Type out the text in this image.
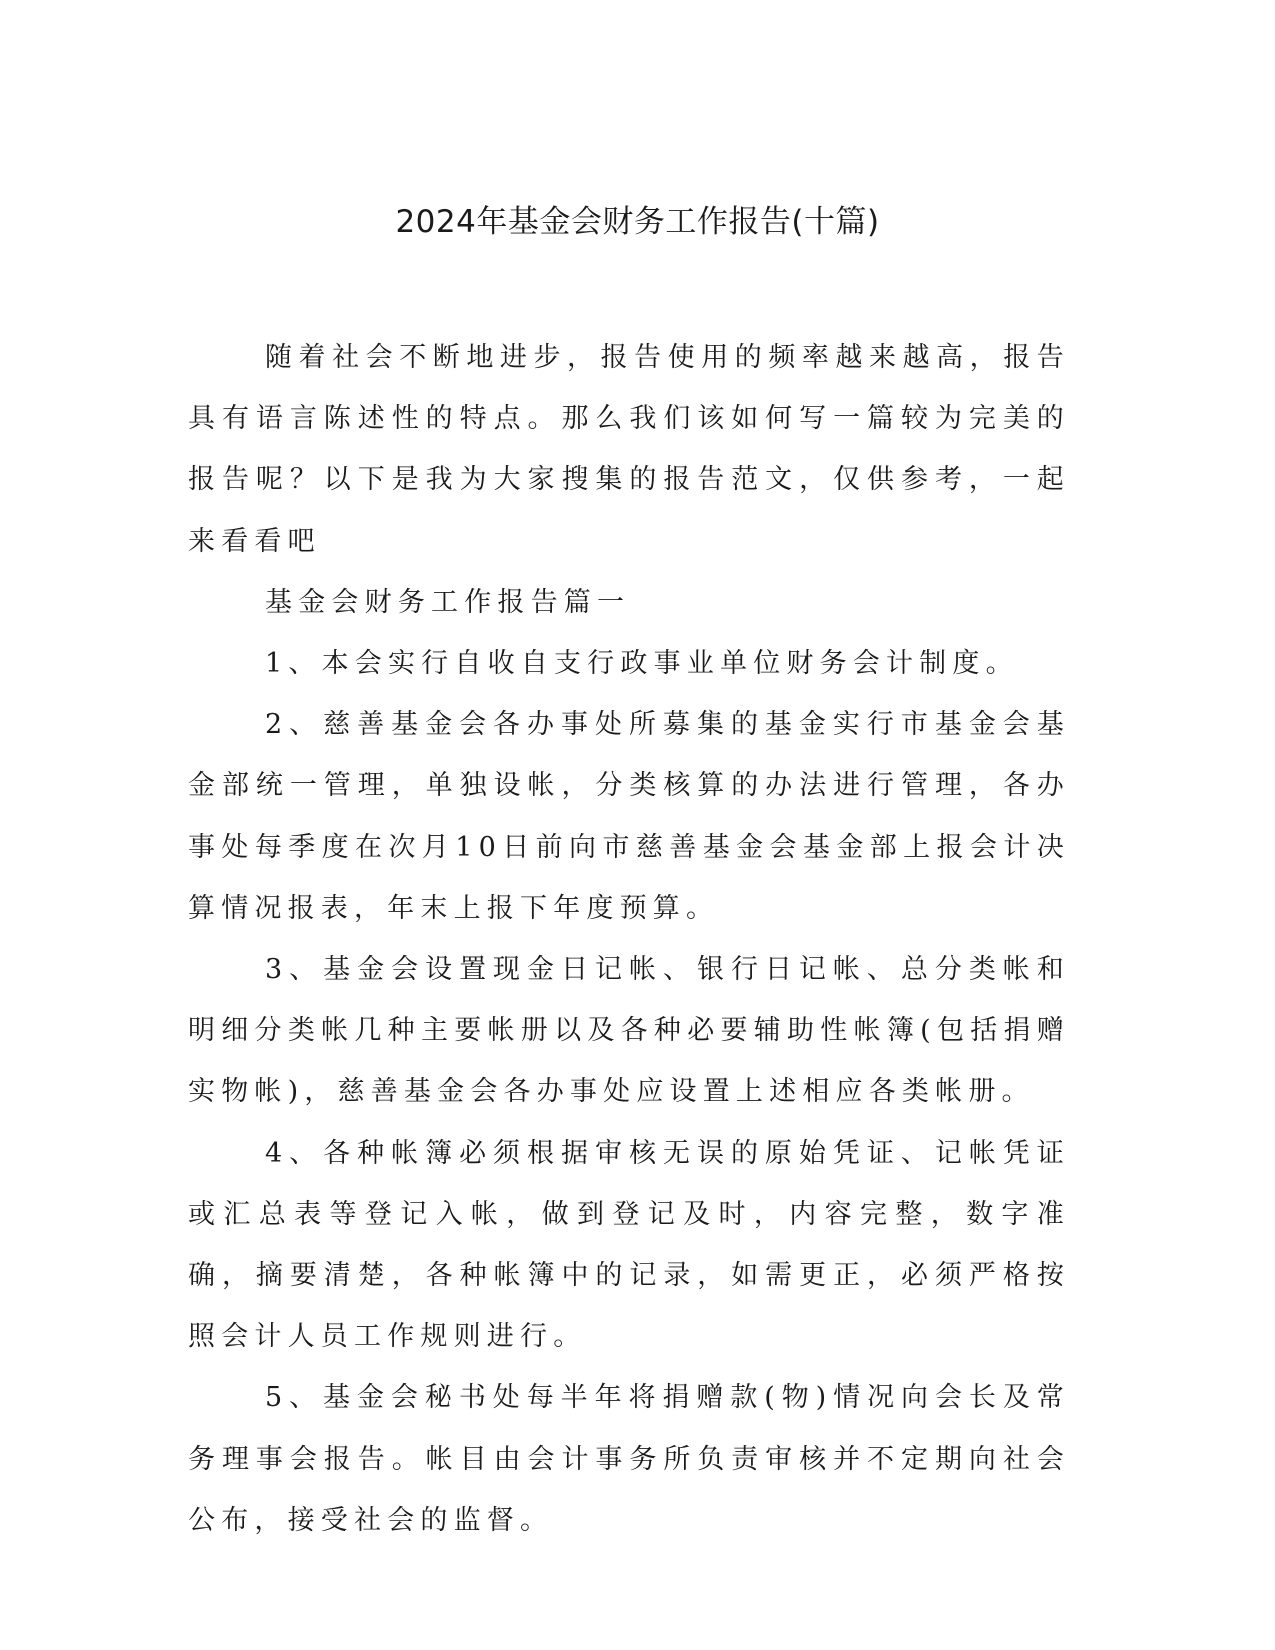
2024年基金会财务工作报告(十篇)

随着社会不断地进步，报告使用的频率越来越高，报告具有语言陈述性的特点。那么我们该如何写一篇较为完美的报告呢？以下是我为大家搜集的报告范文，仅供参考，一起来看看吧

基金会财务工作报告篇一

1、本会实行自收自支行政事业单位财务会计制度。

2、慈善基金会各办事处所募集的基金实行市基金会基金部统一管理，单独设帐，分类核算的办法进行管理，各办事处每季度在次月10日前向市慈善基金会基金部上报会计决算情况报表，年末上报下年度预算。

3、基金会设置现金日记帐、银行日记帐、总分类帐和明细分类帐几种主要帐册以及各种必要辅助性帐簿(包括捐赠实物帐)，慈善基金会各办事处应设置上述相应各类帐册。

4、各种帐簿必须根据审核无误的原始凭证、记帐凭证或汇总表等登记入帐，做到登记及时，内容完整，数字准确，摘要清楚，各种帐簿中的记录，如需更正，必须严格按照会计人员工作规则进行。

5、基金会秘书处每半年将捐赠款(物)情况向会长及常务理事会报告。帐目由会计事务所负责审核并不定期向社会公布，接受社会的监督。
